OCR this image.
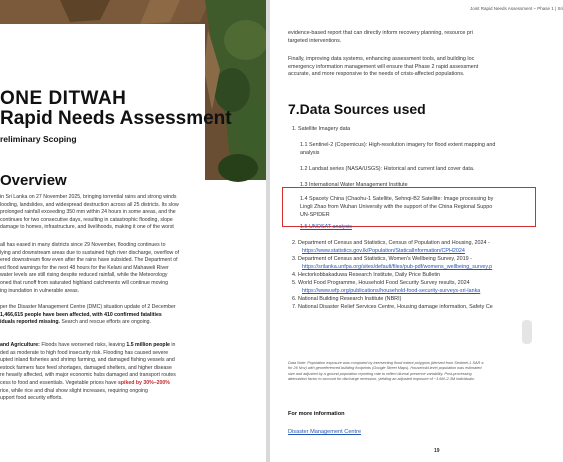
ONE DITWAH
Rapid Needs Assessment
reliminary Scoping
Overview
in Sri Lanka on 27 November 2025, bringing torrential rains and strong winds
looding, landslides, and widespread destruction across all 25 districts. Its slow
prolonged rainfall exceeding 350 mm within 24 hours in some areas, and the
continues for two consecutive days, resulting in catastrophic flooding, slope
damage to homes, infrastructure, and livelihoods, making it one of the worst
all has eased in many districts since 29 November, flooding continues to
lying and downstream areas due to sustained high river discharge, overflow of
ered downstream flow even after the rains have subsided. The Department of
ed flood warnings for the next 48 hours for the Kelani and Mahaweli River
water levels are still rising despite reduced rainfall, while the Meteorology
oned that runoff from saturated highland catchments will continue moving
ing inundation in vulnerable areas.
per the Disaster Management Centre (DMC) situation update of 2 December
1,466,615 people have been affected, with 410 confirmed fatalities
iduals reported missing. Search and rescue efforts are ongoing.
and Agriculture: Floods have worsened risks, leaving 1.5 million people in
ded as moderate to high food insecurity risk. Flooding has caused severe
upted inland fisheries and shrimp farming, and damaged fishing vessels and
estock farmers face feed shortages, damaged shelters, and higher disease
re heavily affected, with major economic hubs damaged and transport routes
cess to food and essentials. Vegetable prices have spiked by 30%–200%
rice, while rice and dhal show slight increases, requiring ongoing
upport food security efforts.
Joint Rapid Needs Assessment – Phase 1 | Sri
evidence-based report that can directly inform recovery planning, resource pri
targeted interventions.
Finally, improving data systems, enhancing assessment tools, and building loc
emergency information management will ensure that Phase 2 rapid assessment
accurate, and more responsive to the needs of crisis-affected populations.
7.Data Sources used
1. Satellite Imagery data
1.1 Sentinel-2 (Copernicus): High-resolution imagery for flood extent mapping and
analysis
1.2 Landsat series (NASA/USGS): Historical and current land cover data.
1.3 International Water Management Institute
1.4 Spacety China (Chaohu-1 Satellite, Sehnqi-B2 Satellite: Image processing by
Lingli Zhao from Wuhan University with the support of the China Regional Suppo
UN-SPIDER
1.5 UNOSAT analysis
2. Department of Census and Statistics, Census of Population and Housing, 2024 -
https://www.statistics.gov.lk/Population/StaticalInformation/CPH2024
3. Department of Census and Statistics, Women's Wellbeing Survey, 2019 -
https://srilanka.unfpa.org/sites/default/files/pub-pdf/womens_wellbeing_survey.p
4. Hectorkobbakaduwa Research Institute, Daily Price Bulletin
5. World Food Programme, Household Food Security Survey results, 2024
https://www.wfp.org/publications/household-food-security-surveys-sri-lanka
6. National Building Research Institute (NBRI)
7. National Disaster Relief Services Centre, Housing damage information, Safety Ce
Data Note: Population exposure was computed by intersecting flood extent polygons (derived from Sentinel-1 SAR a
for 26 Nov) with georeferenced building footprints (Google Street Maps). Household-level population was estimated
size and adjusted by a ground population reporting rate to reflect diurnal presence variability. Post-processing
attenuation factor to account for discharge recession, yielding an adjusted exposure of ~1.6M–2.3M individuals.
For more information
Disaster Management Centre
19
